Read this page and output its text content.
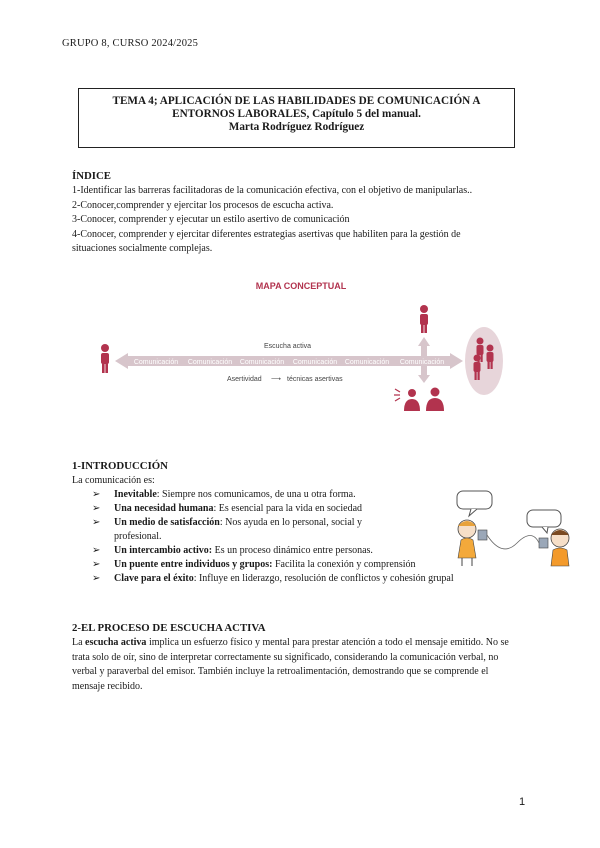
GRUPO 8, CURSO 2024/2025
TEMA 4; APLICACIÓN DE LAS HABILIDADES DE COMUNICACIÓN A
ENTORNOS LABORALES, Capítulo 5 del manual.
Marta Rodríguez Rodríguez
ÍNDICE
1-Identificar las barreras facilitadoras de la comunicación efectiva, con el objetivo de manipularlas..
2-Conocer,comprender y ejercitar los procesos de escucha activa.
3-Conocer, comprender y ejecutar un estilo asertivo de comunicación
4-Conocer, comprender y ejercitar diferentes estrategias asertivas que habiliten para la gestión de
situaciones socialmente complejas.
MAPA CONCEPTUAL
Comunicación Comunicación Comunicación Comunicación Comunicación Comunicación
Escucha activa
Asertividad ⟶ técnicas asertivas
1-INTRODUCCIÓN
La comunicación es:
➢	Inevitable: Siempre nos comunicamos, de una u otra forma.
➢	Una necesidad humana: Es esencial para la vida en sociedad
➢	Un medio de satisfacción: Nos ayuda en lo personal, social y profesional.
➢	Un intercambio activo: Es un proceso dinámico entre personas.
➢	Un puente entre individuos y grupos: Facilita la conexión y comprensión
➢	Clave para el éxito: Influye en liderazgo, resolución de conflictos y cohesión grupal
2-EL PROCESO DE ESCUCHA ACTIVA
La escucha activa implica un esfuerzo físico y mental para prestar atención a todo el mensaje emitido. No se trata solo de oír, sino de interpretar correctamente su significado, considerando la comunicación verbal, no verbal y paraverbal del emisor. También incluye la retroalimentación, demostrando que se comprende el mensaje recibido.
1
